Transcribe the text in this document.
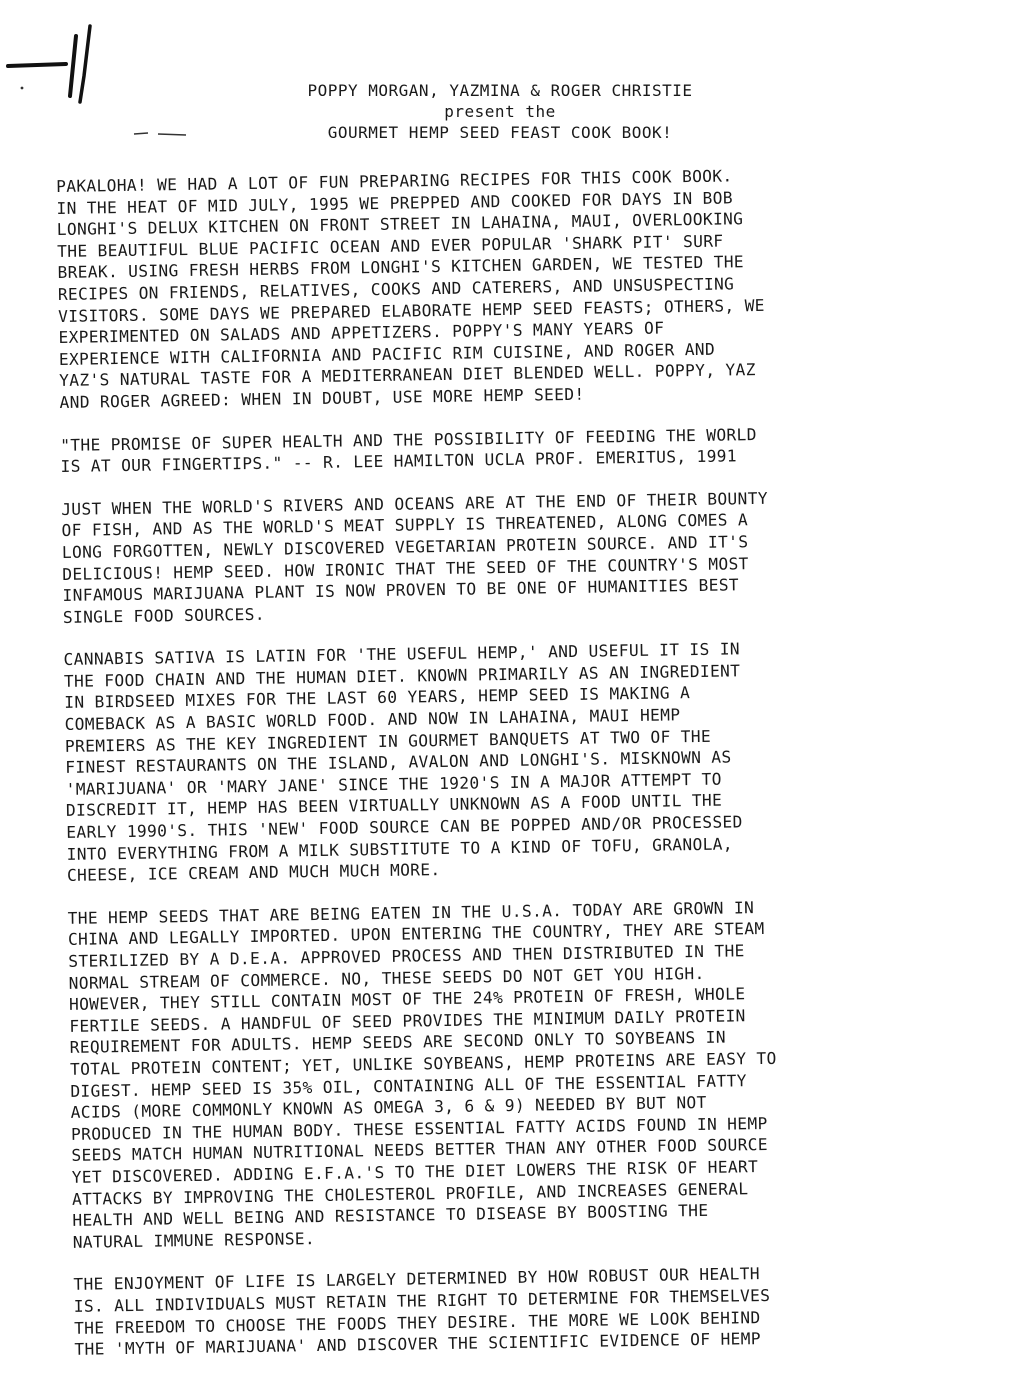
POPPY MORGAN, YAZMINA & ROGER CHRISTIE
present the
GOURMET HEMP SEED FEAST COOK BOOK!
PAKALOHA! WE HAD A LOT OF FUN PREPARING RECIPES FOR THIS COOK BOOK.
IN THE HEAT OF MID JULY, 1995 WE PREPPED AND COOKED FOR DAYS IN BOB
LONGHI'S DELUX KITCHEN ON FRONT STREET IN LAHAINA, MAUI, OVERLOOKING
THE BEAUTIFUL BLUE PACIFIC OCEAN AND EVER POPULAR 'SHARK PIT' SURF
BREAK. USING FRESH HERBS FROM LONGHI'S KITCHEN GARDEN, WE TESTED THE
RECIPES ON FRIENDS, RELATIVES, COOKS AND CATERERS, AND UNSUSPECTING
VISITORS. SOME DAYS WE PREPARED ELABORATE HEMP SEED FEASTS; OTHERS, WE
EXPERIMENTED ON SALADS AND APPETIZERS. POPPY'S MANY YEARS OF
EXPERIENCE WITH CALIFORNIA AND PACIFIC RIM CUISINE, AND ROGER AND
YAZ'S NATURAL TASTE FOR A MEDITERRANEAN DIET BLENDED WELL. POPPY, YAZ
AND ROGER AGREED: WHEN IN DOUBT, USE MORE HEMP SEED!
"THE PROMISE OF SUPER HEALTH AND THE POSSIBILITY OF FEEDING THE WORLD
IS AT OUR FINGERTIPS." -- R. LEE HAMILTON UCLA PROF. EMERITUS, 1991
JUST WHEN THE WORLD'S RIVERS AND OCEANS ARE AT THE END OF THEIR BOUNTY
OF FISH, AND AS THE WORLD'S MEAT SUPPLY IS THREATENED, ALONG COMES A
LONG FORGOTTEN, NEWLY DISCOVERED VEGETARIAN PROTEIN SOURCE. AND IT'S
DELICIOUS! HEMP SEED. HOW IRONIC THAT THE SEED OF THE COUNTRY'S MOST
INFAMOUS MARIJUANA PLANT IS NOW PROVEN TO BE ONE OF HUMANITIES BEST
SINGLE FOOD SOURCES.
CANNABIS SATIVA IS LATIN FOR 'THE USEFUL HEMP,' AND USEFUL IT IS IN
THE FOOD CHAIN AND THE HUMAN DIET. KNOWN PRIMARILY AS AN INGREDIENT
IN BIRDSEED MIXES FOR THE LAST 60 YEARS, HEMP SEED IS MAKING A
COMEBACK AS A BASIC WORLD FOOD. AND NOW IN LAHAINA, MAUI HEMP
PREMIERS AS THE KEY INGREDIENT IN GOURMET BANQUETS AT TWO OF THE
FINEST RESTAURANTS ON THE ISLAND, AVALON AND LONGHI'S. MISKNOWN AS
'MARIJUANA' OR 'MARY JANE' SINCE THE 1920'S IN A MAJOR ATTEMPT TO
DISCREDIT IT, HEMP HAS BEEN VIRTUALLY UNKNOWN AS A FOOD UNTIL THE
EARLY 1990'S. THIS 'NEW' FOOD SOURCE CAN BE POPPED AND/OR PROCESSED
INTO EVERYTHING FROM A MILK SUBSTITUTE TO A KIND OF TOFU, GRANOLA,
CHEESE, ICE CREAM AND MUCH MUCH MORE.
THE HEMP SEEDS THAT ARE BEING EATEN IN THE U.S.A. TODAY ARE GROWN IN
CHINA AND LEGALLY IMPORTED. UPON ENTERING THE COUNTRY, THEY ARE STEAM
STERILIZED BY A D.E.A. APPROVED PROCESS AND THEN DISTRIBUTED IN THE
NORMAL STREAM OF COMMERCE. NO, THESE SEEDS DO NOT GET YOU HIGH.
HOWEVER, THEY STILL CONTAIN MOST OF THE 24% PROTEIN OF FRESH, WHOLE
FERTILE SEEDS. A HANDFUL OF SEED PROVIDES THE MINIMUM DAILY PROTEIN
REQUIREMENT FOR ADULTS. HEMP SEEDS ARE SECOND ONLY TO SOYBEANS IN
TOTAL PROTEIN CONTENT; YET, UNLIKE SOYBEANS, HEMP PROTEINS ARE EASY TO
DIGEST. HEMP SEED IS 35% OIL, CONTAINING ALL OF THE ESSENTIAL FATTY
ACIDS (MORE COMMONLY KNOWN AS OMEGA 3, 6 & 9) NEEDED BY BUT NOT
PRODUCED IN THE HUMAN BODY. THESE ESSENTIAL FATTY ACIDS FOUND IN HEMP
SEEDS MATCH HUMAN NUTRITIONAL NEEDS BETTER THAN ANY OTHER FOOD SOURCE
YET DISCOVERED. ADDING E.F.A.'S TO THE DIET LOWERS THE RISK OF HEART
ATTACKS BY IMPROVING THE CHOLESTEROL PROFILE, AND INCREASES GENERAL
HEALTH AND WELL BEING AND RESISTANCE TO DISEASE BY BOOSTING THE
NATURAL IMMUNE RESPONSE.
THE ENJOYMENT OF LIFE IS LARGELY DETERMINED BY HOW ROBUST OUR HEALTH
IS. ALL INDIVIDUALS MUST RETAIN THE RIGHT TO DETERMINE FOR THEMSELVES
THE FREEDOM TO CHOOSE THE FOODS THEY DESIRE. THE MORE WE LOOK BEHIND
THE 'MYTH OF MARIJUANA' AND DISCOVER THE SCIENTIFIC EVIDENCE OF HEMP
